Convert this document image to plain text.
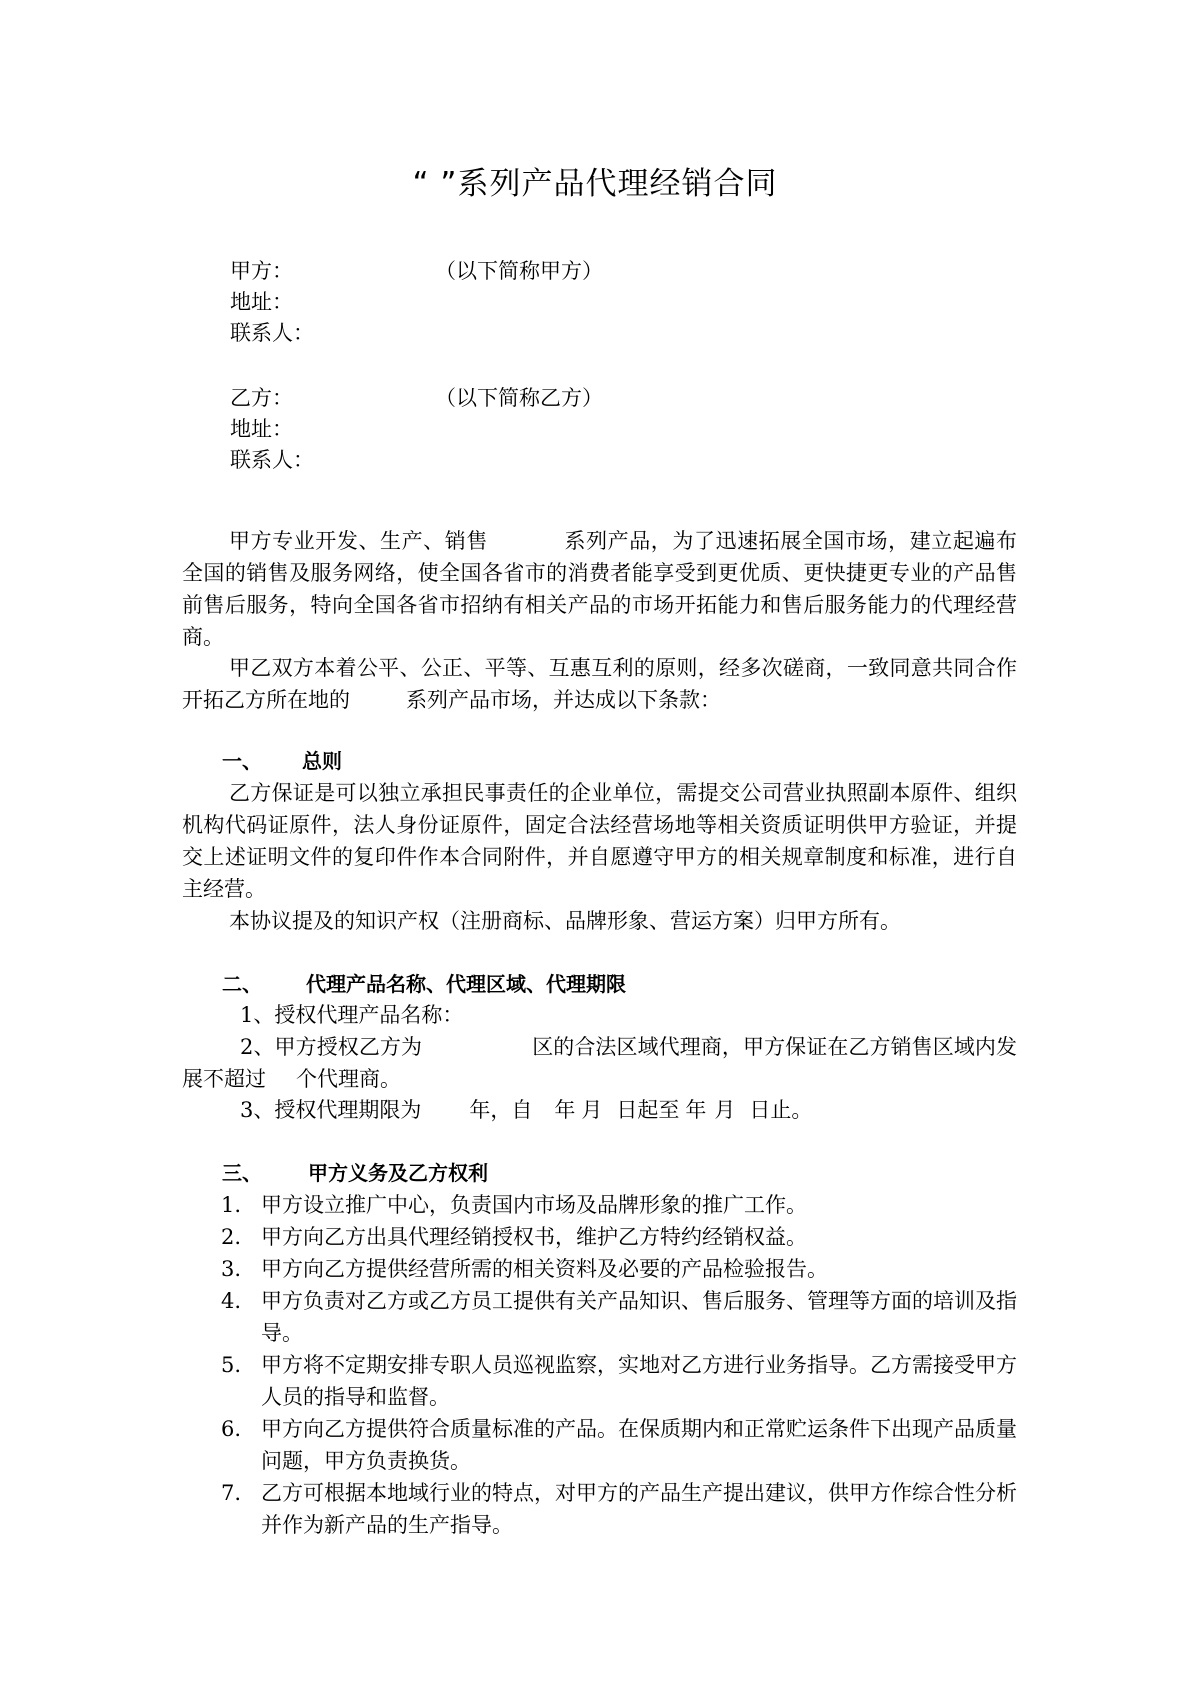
“ ”系列产品代理经销合同
甲方：	（以下简称甲方）
地址：
联系人：
乙方：	（以下简称乙方）
地址：
联系人：
甲方专业开发、生产、销售	系列产品，为了迅速拓展全国市场，建立起遍布全国的销售及服务网络，使全国各省市的消费者能享受到更优质、更快捷更专业的产品售前售后服务，特向全国各省市招纳有相关产品的市场开拓能力和售后服务能力的代理经营商。
甲乙双方本着公平、公正、平等、互惠互利的原则，经多次磋商，一致同意共同合作开拓乙方所在地的	系列产品市场，并达成以下条款：
一、 总则
乙方保证是可以独立承担民事责任的企业单位，需提交公司营业执照副本原件、组织机构代码证原件，法人身份证原件，固定合法经营场地等相关资质证明供甲方验证，并提交上述证明文件的复印件作本合同附件，并自愿遵守甲方的相关规章制度和标准，进行自主经营。
本协议提及的知识产权（注册商标、品牌形象、营运方案）归甲方所有。
二、 代理产品名称、代理区域、代理期限
1、授权代理产品名称：
2、甲方授权乙方为	区的合法区域代理商，甲方保证在乙方销售区域内发展不超过 个代理商。
3、授权代理期限为 年，自 年 月 日起至 年 月 日止。
三、 甲方义务及乙方权利
1. 甲方设立推广中心，负责国内市场及品牌形象的推广工作。
2. 甲方向乙方出具代理经销授权书，维护乙方特约经销权益。
3. 甲方向乙方提供经营所需的相关资料及必要的产品检验报告。
4. 甲方负责对乙方或乙方员工提供有关产品知识、售后服务、管理等方面的培训及指导。
5. 甲方将不定期安排专职人员巡视监察，实地对乙方进行业务指导。乙方需接受甲方人员的指导和监督。
6. 甲方向乙方提供符合质量标准的产品。在保质期内和正常贮运条件下出现产品质量问题，甲方负责换货。
7. 乙方可根据本地域行业的特点，对甲方的产品生产提出建议，供甲方作综合性分析并作为新产品的生产指导。
